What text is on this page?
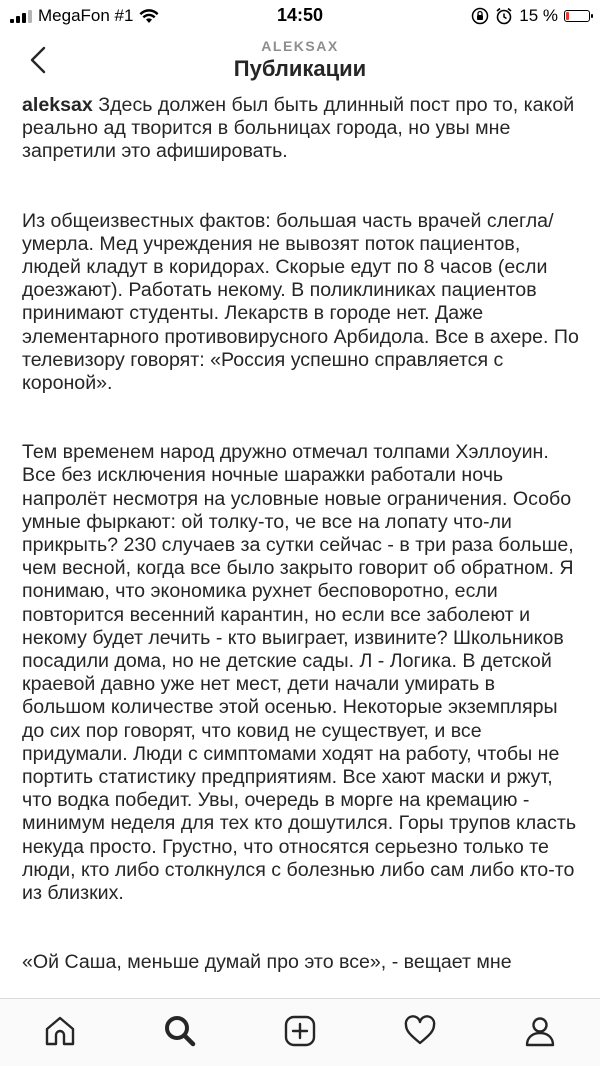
MegaFon #1	14:50	15 %
ALEKSAX
Публикации

aleksax Здесь должен был быть длинный пост про то, какой реально ад творится в больницах города, но увы мне запретили это афишировать.

Из общеизвестных фактов: большая часть врачей слегла/умерла. Мед учреждения не вывозят поток пациентов, людей кладут в коридорах. Скорые едут по 8 часов (если доезжают). Работать некому. В поликлиниках пациентов принимают студенты. Лекарств в городе нет. Даже элементарного противовирусного Арбидола. Все в ахере. По телевизору говорят: «Россия успешно справляется с короной».

Тем временем народ дружно отмечал толпами Хэллоуин. Все без исключения ночные шаражки работали ночь напролёт несмотря на условные новые ограничения. Особо умные фыркают: ой толку-то, че все на лопату что-ли прикрыть? 230 случаев за сутки сейчас - в три раза больше, чем весной, когда все было закрыто говорит об обратном. Я понимаю, что экономика рухнет бесповоротно, если повторится весенний карантин, но если все заболеют и некому будет лечить - кто выиграет, извините? Школьников посадили дома, но не детские сады. Л - Логика. В детской краевой давно уже нет мест, дети начали умирать в большом количестве этой осенью. Некоторые экземпляры до сих пор говорят, что ковид не существует, и все придумали. Люди с симптомами ходят на работу, чтобы не портить статистику предприятиям. Все хают маски и ржут, что водка победит. Увы, очередь в морге на кремацию - минимум неделя для тех кто дошутился. Горы трупов класть некуда просто. Грустно, что относятся серьезно только те люди, кто либо столкнулся с болезнью либо сам либо кто-то из близких.

«Ой Саша, меньше думай про это все», - вещает мне
